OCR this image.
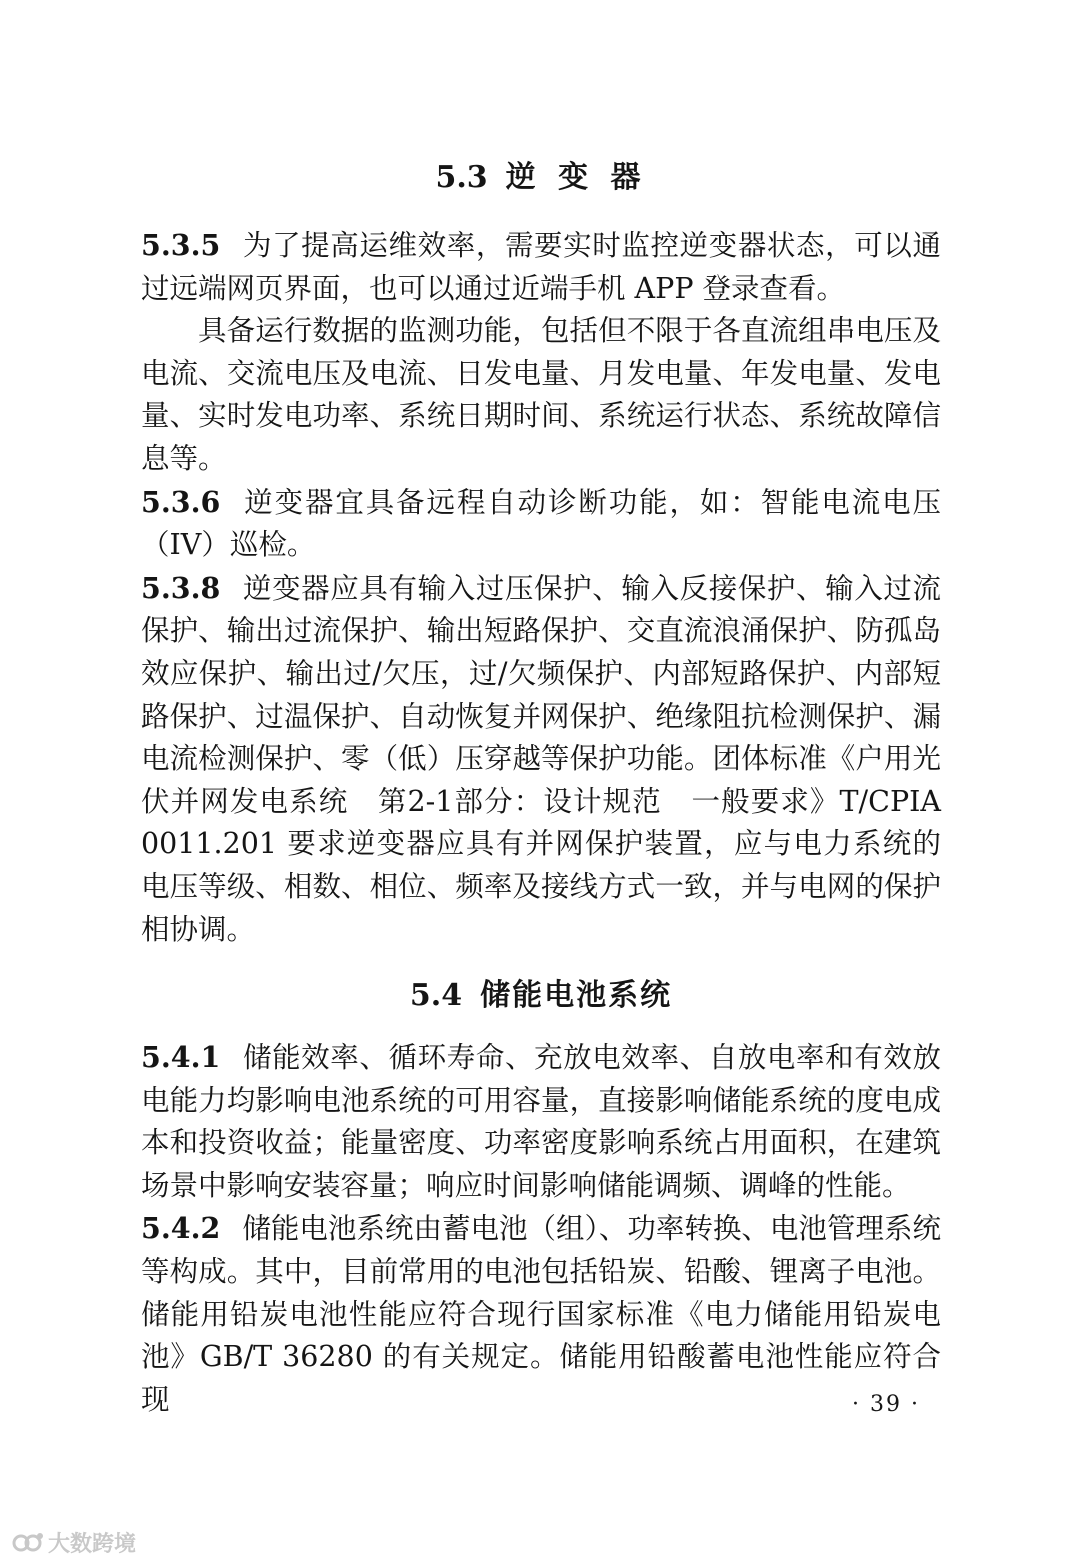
5.3 逆 变 器

5.3.5 为了提高运维效率，需要实时监控逆变器状态，可以通过远端网页界面，也可以通过近端手机 APP 登录查看。

具备运行数据的监测功能，包括但不限于各直流组串电压及电流、交流电压及电流、日发电量、月发电量、年发电量、发电量、实时发电功率、系统日期时间、系统运行状态、系统故障信息等。

5.3.6 逆变器宜具备远程自动诊断功能，如：智能电流电压（IV）巡检。

5.3.8 逆变器应具有输入过压保护、输入反接保护、输入过流保护、输出过流保护、输出短路保护、交直流浪涌保护、防孤岛效应保护、输出过/欠压，过/欠频保护、内部短路保护、内部短路保护、过温保护、自动恢复并网保护、绝缘阻抗检测保护、漏电流检测保护、零（低）压穿越等保护功能。团体标准《户用光伏并网发电系统　第2-1部分：设计规范　一般要求》T/CPIA 0011.201 要求逆变器应具有并网保护装置，应与电力系统的电压等级、相数、相位、频率及接线方式一致，并与电网的保护相协调。

5.4 储能电池系统

5.4.1 储能效率、循环寿命、充放电效率、自放电率和有效放电能力均影响电池系统的可用容量，直接影响储能系统的度电成本和投资收益；能量密度、功率密度影响系统占用面积，在建筑场景中影响安装容量；响应时间影响储能调频、调峰的性能。

5.4.2 储能电池系统由蓄电池（组）、功率转换、电池管理系统等构成。其中，目前常用的电池包括铅炭、铅酸、锂离子电池。储能用铅炭电池性能应符合现行国家标准《电力储能用铅炭电池》GB/T 36280 的有关规定。储能用铅酸蓄电池性能应符合现	· 39 ·
大数跨境
